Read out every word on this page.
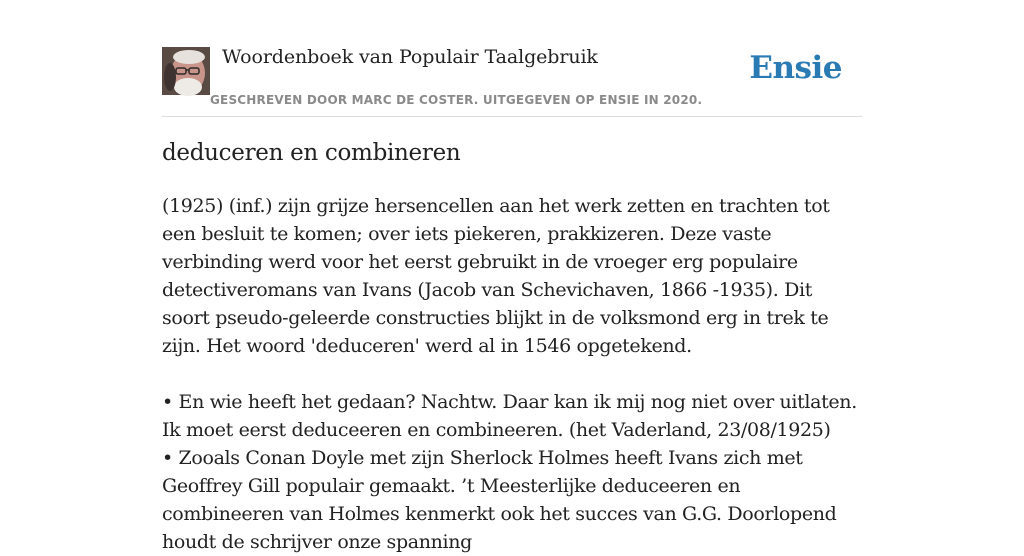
Woordenboek van Populair Taalgebruik
GESCHREVEN DOOR MARC DE COSTER. UITGEGEVEN OP ENSIE IN 2020.
Ensie
deduceren en combineren

(1925) (inf.) zijn grijze hersencellen aan het werk zetten en trachten tot een besluit te komen; over iets piekeren, prakkizeren. Deze vaste verbinding werd voor het eerst gebruikt in de vroeger erg populaire detectiveromans van Ivans (Jacob van Schevichaven, 1866 -1935). Dit soort pseudo-geleerde constructies blijkt in de volksmond erg in trek te zijn. Het woord 'deduceren' werd al in 1546 opgetekend.

• En wie heeft het gedaan? Nachtw. Daar kan ik mij nog niet over uitlaten. Ik moet eerst deduceeren en combineeren. (het Vaderland, 23/08/1925)

• Zooals Conan Doyle met zijn Sherlock Holmes heeft Ivans zich met Geoffrey Gill populair gemaakt. ’t Meesterlijke deduceeren en combineeren van Holmes kenmerkt ook het succes van G.G. Doorlopend houdt de schrijver onze spanning
